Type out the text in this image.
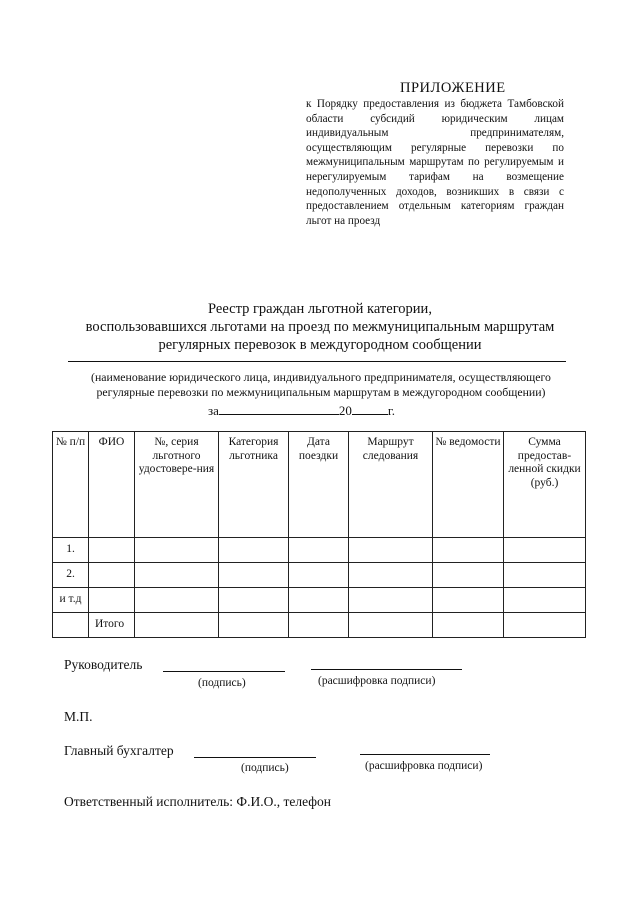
ПРИЛОЖЕНИЕ
к Порядку предоставления из бюджета Тамбовской области субсидий юридическим лицам индивидуальным предпринимателям, осуществляющим регулярные перевозки по межмуниципальным маршрутам по регулируемым и нерегулируемым тарифам на возмещение недополученных доходов, возникших в связи с предоставлением отдельным категориям граждан льгот на проезд
Реестр граждан льготной категории,
воспользовавшихся льготами на проезд по межмуниципальным маршрутам
регулярных перевозок в междугородном сообщении
(наименование юридического лица, индивидуального предпринимателя, осуществляющего
регулярные перевозки по межмуниципальным маршрутам в междугородном сообщении)
за	20	г.
№ п/п	ФИО	№, серия льготного удостовере-ния	Категория льготника	Дата поездки	Маршрут следования	№ ведомости	Сумма предостав-ленной скидки (руб.)
1.							
2.							
и т.д							
	Итого						
Руководитель
(подпись)	(расшифровка подписи)
М.П.
Главный бухгалтер
(подпись)	(расшифровка подписи)
Ответственный исполнитель: Ф.И.О., телефон
